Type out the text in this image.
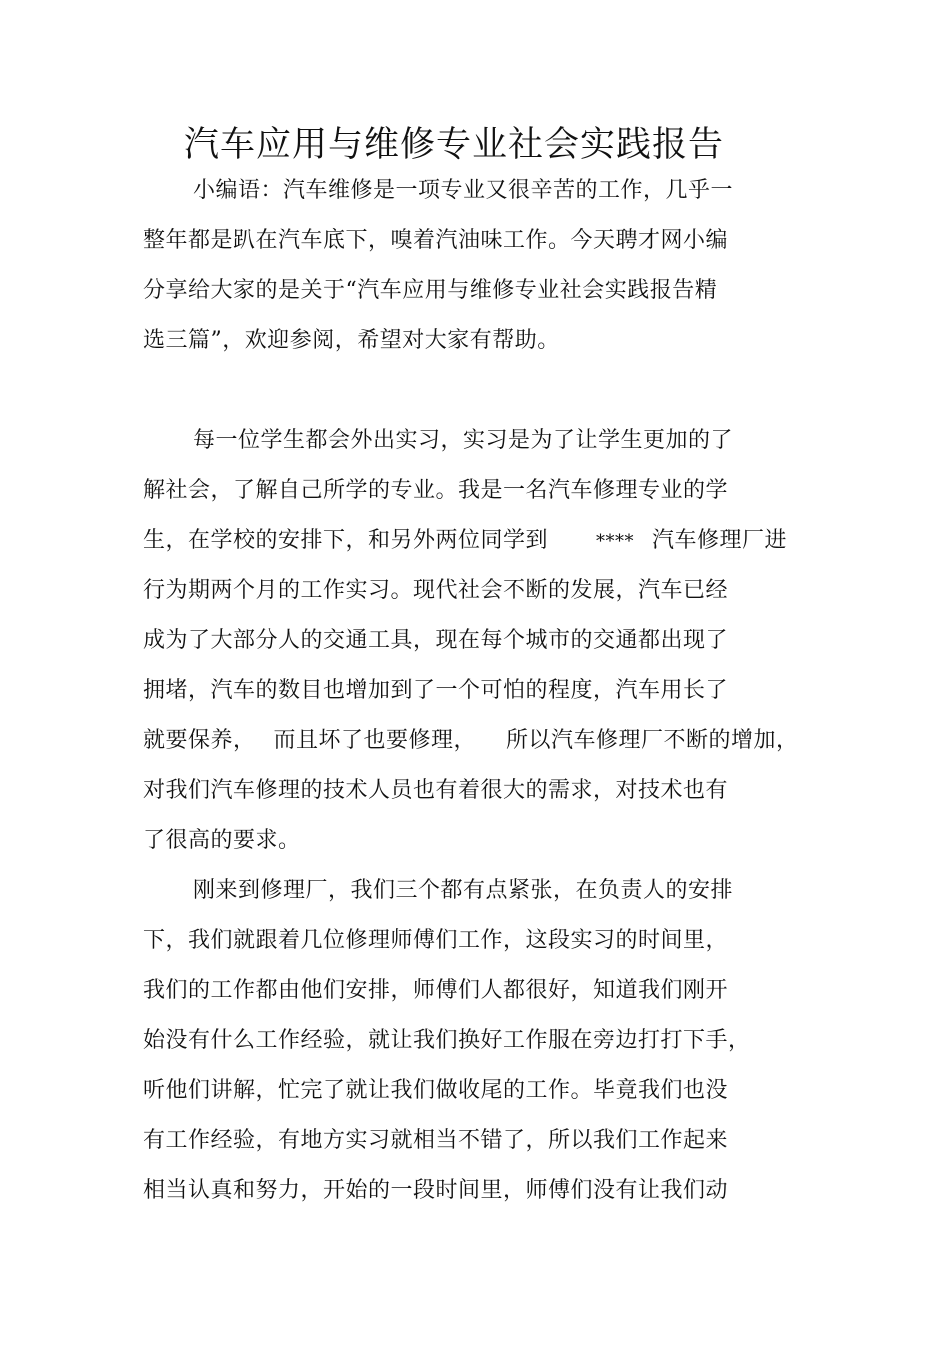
汽车应用与维修专业社会实践报告
小编语：汽车维修是一项专业又很辛苦的工作，几乎一
整年都是趴在汽车底下，嗅着汽油味工作。今天聘才网小编
分享给大家的是关于“汽车应用与维修专业社会实践报告精
选三篇”，欢迎参阅，希望对大家有帮助。
每一位学生都会外出实习，实习是为了让学生更加的了
解社会，了解自己所学的专业。我是一名汽车修理专业的学
生，在学校的安排下，和另外两位同学到	**** 汽车修理厂进
行为期两个月的工作实习。现代社会不断的发展，汽车已经
成为了大部分人的交通工具，现在每个城市的交通都出现了
拥堵，汽车的数目也增加到了一个可怕的程度，汽车用长了
就要保养， 而且坏了也要修理， 所以汽车修理厂不断的增加，
对我们汽车修理的技术人员也有着很大的需求，对技术也有
了很高的要求。
刚来到修理厂，我们三个都有点紧张，在负责人的安排
下，我们就跟着几位修理师傅们工作，这段实习的时间里，
我们的工作都由他们安排，师傅们人都很好，知道我们刚开
始没有什么工作经验，就让我们换好工作服在旁边打打下手，
听他们讲解，忙完了就让我们做收尾的工作。毕竟我们也没
有工作经验，有地方实习就相当不错了，所以我们工作起来
相当认真和努力，开始的一段时间里，师傅们没有让我们动
